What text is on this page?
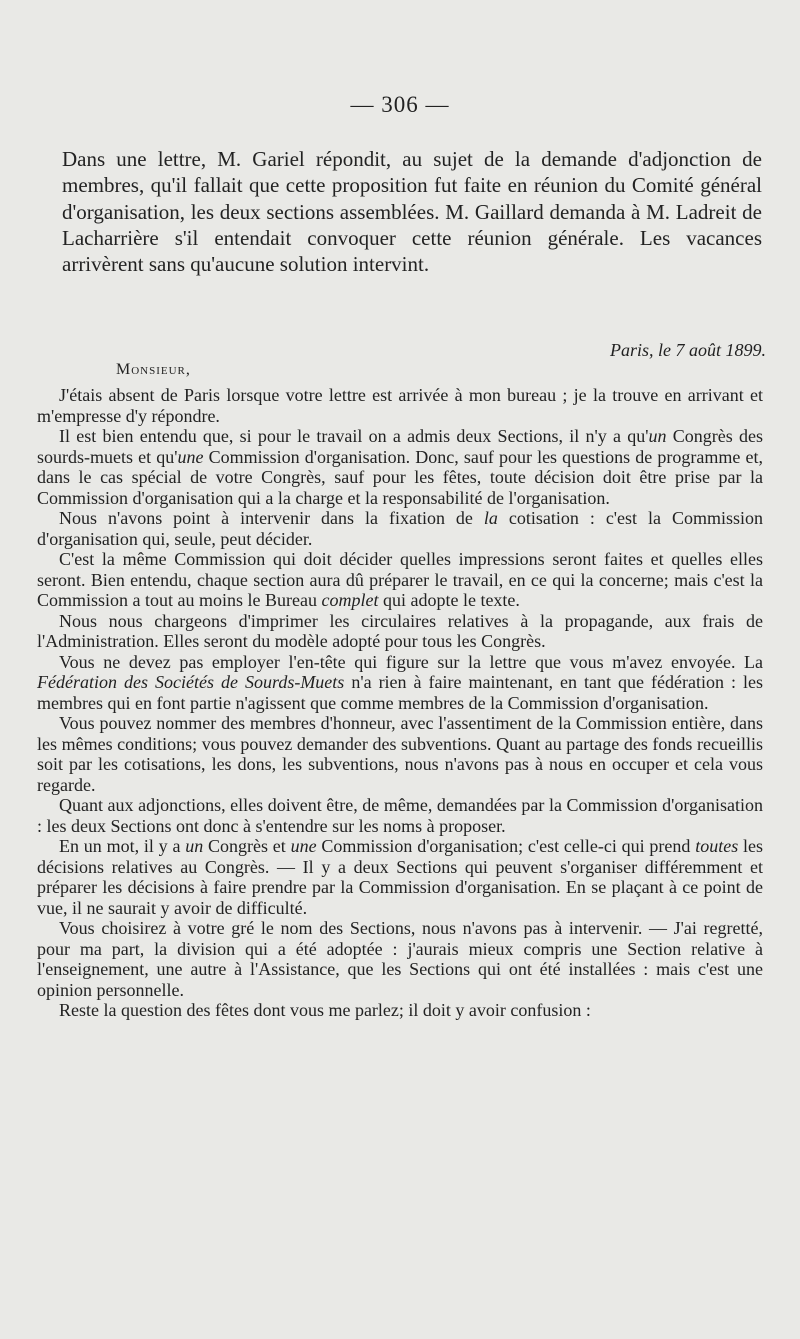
— 306 —
Dans une lettre, M. Gariel répondit, au sujet de la demande d'adjonction de membres, qu'il fallait que cette proposition fut faite en réunion du Comité général d'organisation, les deux sections assemblées. M. Gaillard demanda à M. Ladreit de Lacharrière s'il entendait convoquer cette réunion générale. Les vacances arrivèrent sans qu'aucune solution intervint.
Paris, le 7 août 1899.
Monsieur,

J'étais absent de Paris lorsque votre lettre est arrivée à mon bureau ; je la trouve en arrivant et m'empresse d'y répondre.

Il est bien entendu que, si pour le travail on a admis deux Sections, il n'y a qu'un Congrès des sourds-muets et qu'une Commission d'organisation. Donc, sauf pour les questions de programme et, dans le cas spécial de votre Congrès, sauf pour les fêtes, toute décision doit être prise par la Commission d'organisation qui a la charge et la responsabilité de l'organisation.

Nous n'avons point à intervenir dans la fixation de la cotisation : c'est la Commission d'organisation qui, seule, peut décider.

C'est la même Commission qui doit décider quelles impressions seront faites et quelles elles seront. Bien entendu, chaque section aura dû préparer le travail, en ce qui la concerne; mais c'est la Commission a tout au moins le Bureau complet qui adopte le texte.

Nous nous chargeons d'imprimer les circulaires relatives à la propagande, aux frais de l'Administration. Elles seront du modèle adopté pour tous les Congrès.

Vous ne devez pas employer l'en-tête qui figure sur la lettre que vous m'avez envoyée. La Fédération des Sociétés de Sourds-Muets n'a rien à faire maintenant, en tant que fédération : les membres qui en font partie n'agissent que comme membres de la Commission d'organisation.

Vous pouvez nommer des membres d'honneur, avec l'assentiment de la Commission entière, dans les mêmes conditions; vous pouvez demander des subventions. Quant au partage des fonds recueillis soit par les cotisations, les dons, les subventions, nous n'avons pas à nous en occuper et cela vous regarde.

Quant aux adjonctions, elles doivent être, de même, demandées par la Commission d'organisation : les deux Sections ont donc à s'entendre sur les noms à proposer.

En un mot, il y a un Congrès et une Commission d'organisation; c'est celle-ci qui prend toutes les décisions relatives au Congrès. — Il y a deux Sections qui peuvent s'organiser différemment et préparer les décisions à faire prendre par la Commission d'organisation. En se plaçant à ce point de vue, il ne saurait y avoir de difficulté.

Vous choisirez à votre gré le nom des Sections, nous n'avons pas à intervenir. — J'ai regretté, pour ma part, la division qui a été adoptée : j'aurais mieux compris une Section relative à l'enseignement, une autre à l'Assistance, que les Sections qui ont été installées : mais c'est une opinion personnelle.

Reste la question des fêtes dont vous me parlez; il doit y avoir confusion :
